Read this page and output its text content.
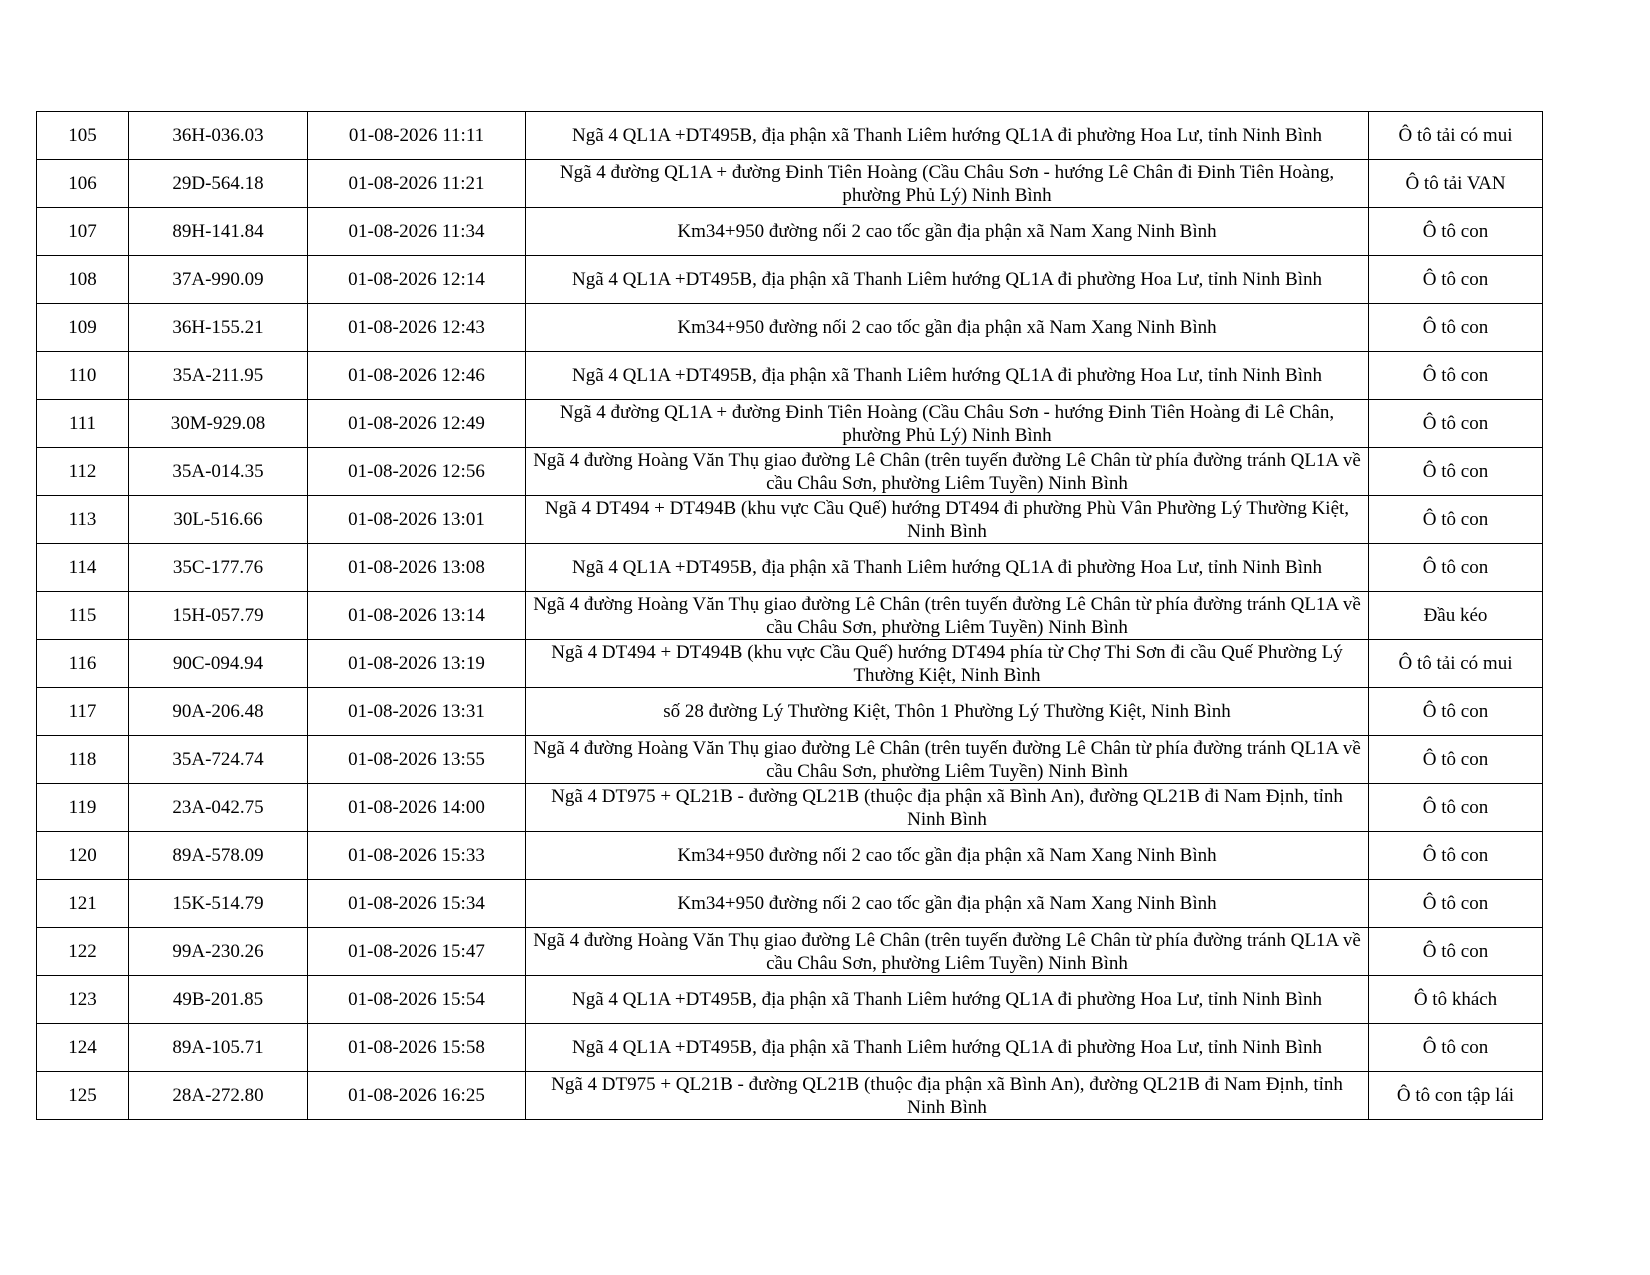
105	36H-036.03	01-08-2026 11:11	Ngã 4 QL1A +DT495B, địa phận xã Thanh Liêm hướng QL1A đi phường Hoa Lư, tỉnh Ninh Bình	Ô tô tải có mui
106	29D-564.18	01-08-2026 11:21	Ngã 4 đường QL1A + đường Đinh Tiên Hoàng (Cầu Châu Sơn - hướng Lê Chân đi Đinh Tiên Hoàng, phường Phủ Lý) Ninh Bình	Ô tô tải VAN
107	89H-141.84	01-08-2026 11:34	Km34+950 đường nối 2 cao tốc gần địa phận xã Nam Xang Ninh Bình	Ô tô con
108	37A-990.09	01-08-2026 12:14	Ngã 4 QL1A +DT495B, địa phận xã Thanh Liêm hướng QL1A đi phường Hoa Lư, tỉnh Ninh Bình	Ô tô con
109	36H-155.21	01-08-2026 12:43	Km34+950 đường nối 2 cao tốc gần địa phận xã Nam Xang Ninh Bình	Ô tô con
110	35A-211.95	01-08-2026 12:46	Ngã 4 QL1A +DT495B, địa phận xã Thanh Liêm hướng QL1A đi phường Hoa Lư, tỉnh Ninh Bình	Ô tô con
111	30M-929.08	01-08-2026 12:49	Ngã 4 đường QL1A + đường Đinh Tiên Hoàng (Cầu Châu Sơn - hướng Đinh Tiên Hoàng đi Lê Chân, phường Phủ Lý) Ninh Bình	Ô tô con
112	35A-014.35	01-08-2026 12:56	Ngã 4 đường Hoàng Văn Thụ giao đường Lê Chân (trên tuyến đường Lê Chân từ phía đường tránh QL1A về cầu Châu Sơn, phường Liêm Tuyền) Ninh Bình	Ô tô con
113	30L-516.66	01-08-2026 13:01	Ngã 4 DT494 + DT494B (khu vực Cầu Quế) hướng DT494 đi phường Phù Vân Phường Lý Thường Kiệt, Ninh Bình	Ô tô con
114	35C-177.76	01-08-2026 13:08	Ngã 4 QL1A +DT495B, địa phận xã Thanh Liêm hướng QL1A đi phường Hoa Lư, tỉnh Ninh Bình	Ô tô con
115	15H-057.79	01-08-2026 13:14	Ngã 4 đường Hoàng Văn Thụ giao đường Lê Chân (trên tuyến đường Lê Chân từ phía đường tránh QL1A về cầu Châu Sơn, phường Liêm Tuyền) Ninh Bình	Đầu kéo
116	90C-094.94	01-08-2026 13:19	Ngã 4 DT494 + DT494B (khu vực Cầu Quế) hướng DT494 phía từ Chợ Thi Sơn đi cầu Quế Phường Lý Thường Kiệt, Ninh Bình	Ô tô tải có mui
117	90A-206.48	01-08-2026 13:31	số 28 đường Lý Thường Kiệt, Thôn 1 Phường Lý Thường Kiệt, Ninh Bình	Ô tô con
118	35A-724.74	01-08-2026 13:55	Ngã 4 đường Hoàng Văn Thụ giao đường Lê Chân (trên tuyến đường Lê Chân từ phía đường tránh QL1A về cầu Châu Sơn, phường Liêm Tuyền) Ninh Bình	Ô tô con
119	23A-042.75	01-08-2026 14:00	Ngã 4 DT975 + QL21B - đường QL21B (thuộc địa phận xã Bình An), đường QL21B đi Nam Định, tỉnh Ninh Bình	Ô tô con
120	89A-578.09	01-08-2026 15:33	Km34+950 đường nối 2 cao tốc gần địa phận xã Nam Xang Ninh Bình	Ô tô con
121	15K-514.79	01-08-2026 15:34	Km34+950 đường nối 2 cao tốc gần địa phận xã Nam Xang Ninh Bình	Ô tô con
122	99A-230.26	01-08-2026 15:47	Ngã 4 đường Hoàng Văn Thụ giao đường Lê Chân (trên tuyến đường Lê Chân từ phía đường tránh QL1A về cầu Châu Sơn, phường Liêm Tuyền) Ninh Bình	Ô tô con
123	49B-201.85	01-08-2026 15:54	Ngã 4 QL1A +DT495B, địa phận xã Thanh Liêm hướng QL1A đi phường Hoa Lư, tỉnh Ninh Bình	Ô tô khách
124	89A-105.71	01-08-2026 15:58	Ngã 4 QL1A +DT495B, địa phận xã Thanh Liêm hướng QL1A đi phường Hoa Lư, tỉnh Ninh Bình	Ô tô con
125	28A-272.80	01-08-2026 16:25	Ngã 4 DT975 + QL21B - đường QL21B (thuộc địa phận xã Bình An), đường QL21B đi Nam Định, tỉnh Ninh Bình	Ô tô con tập lái
